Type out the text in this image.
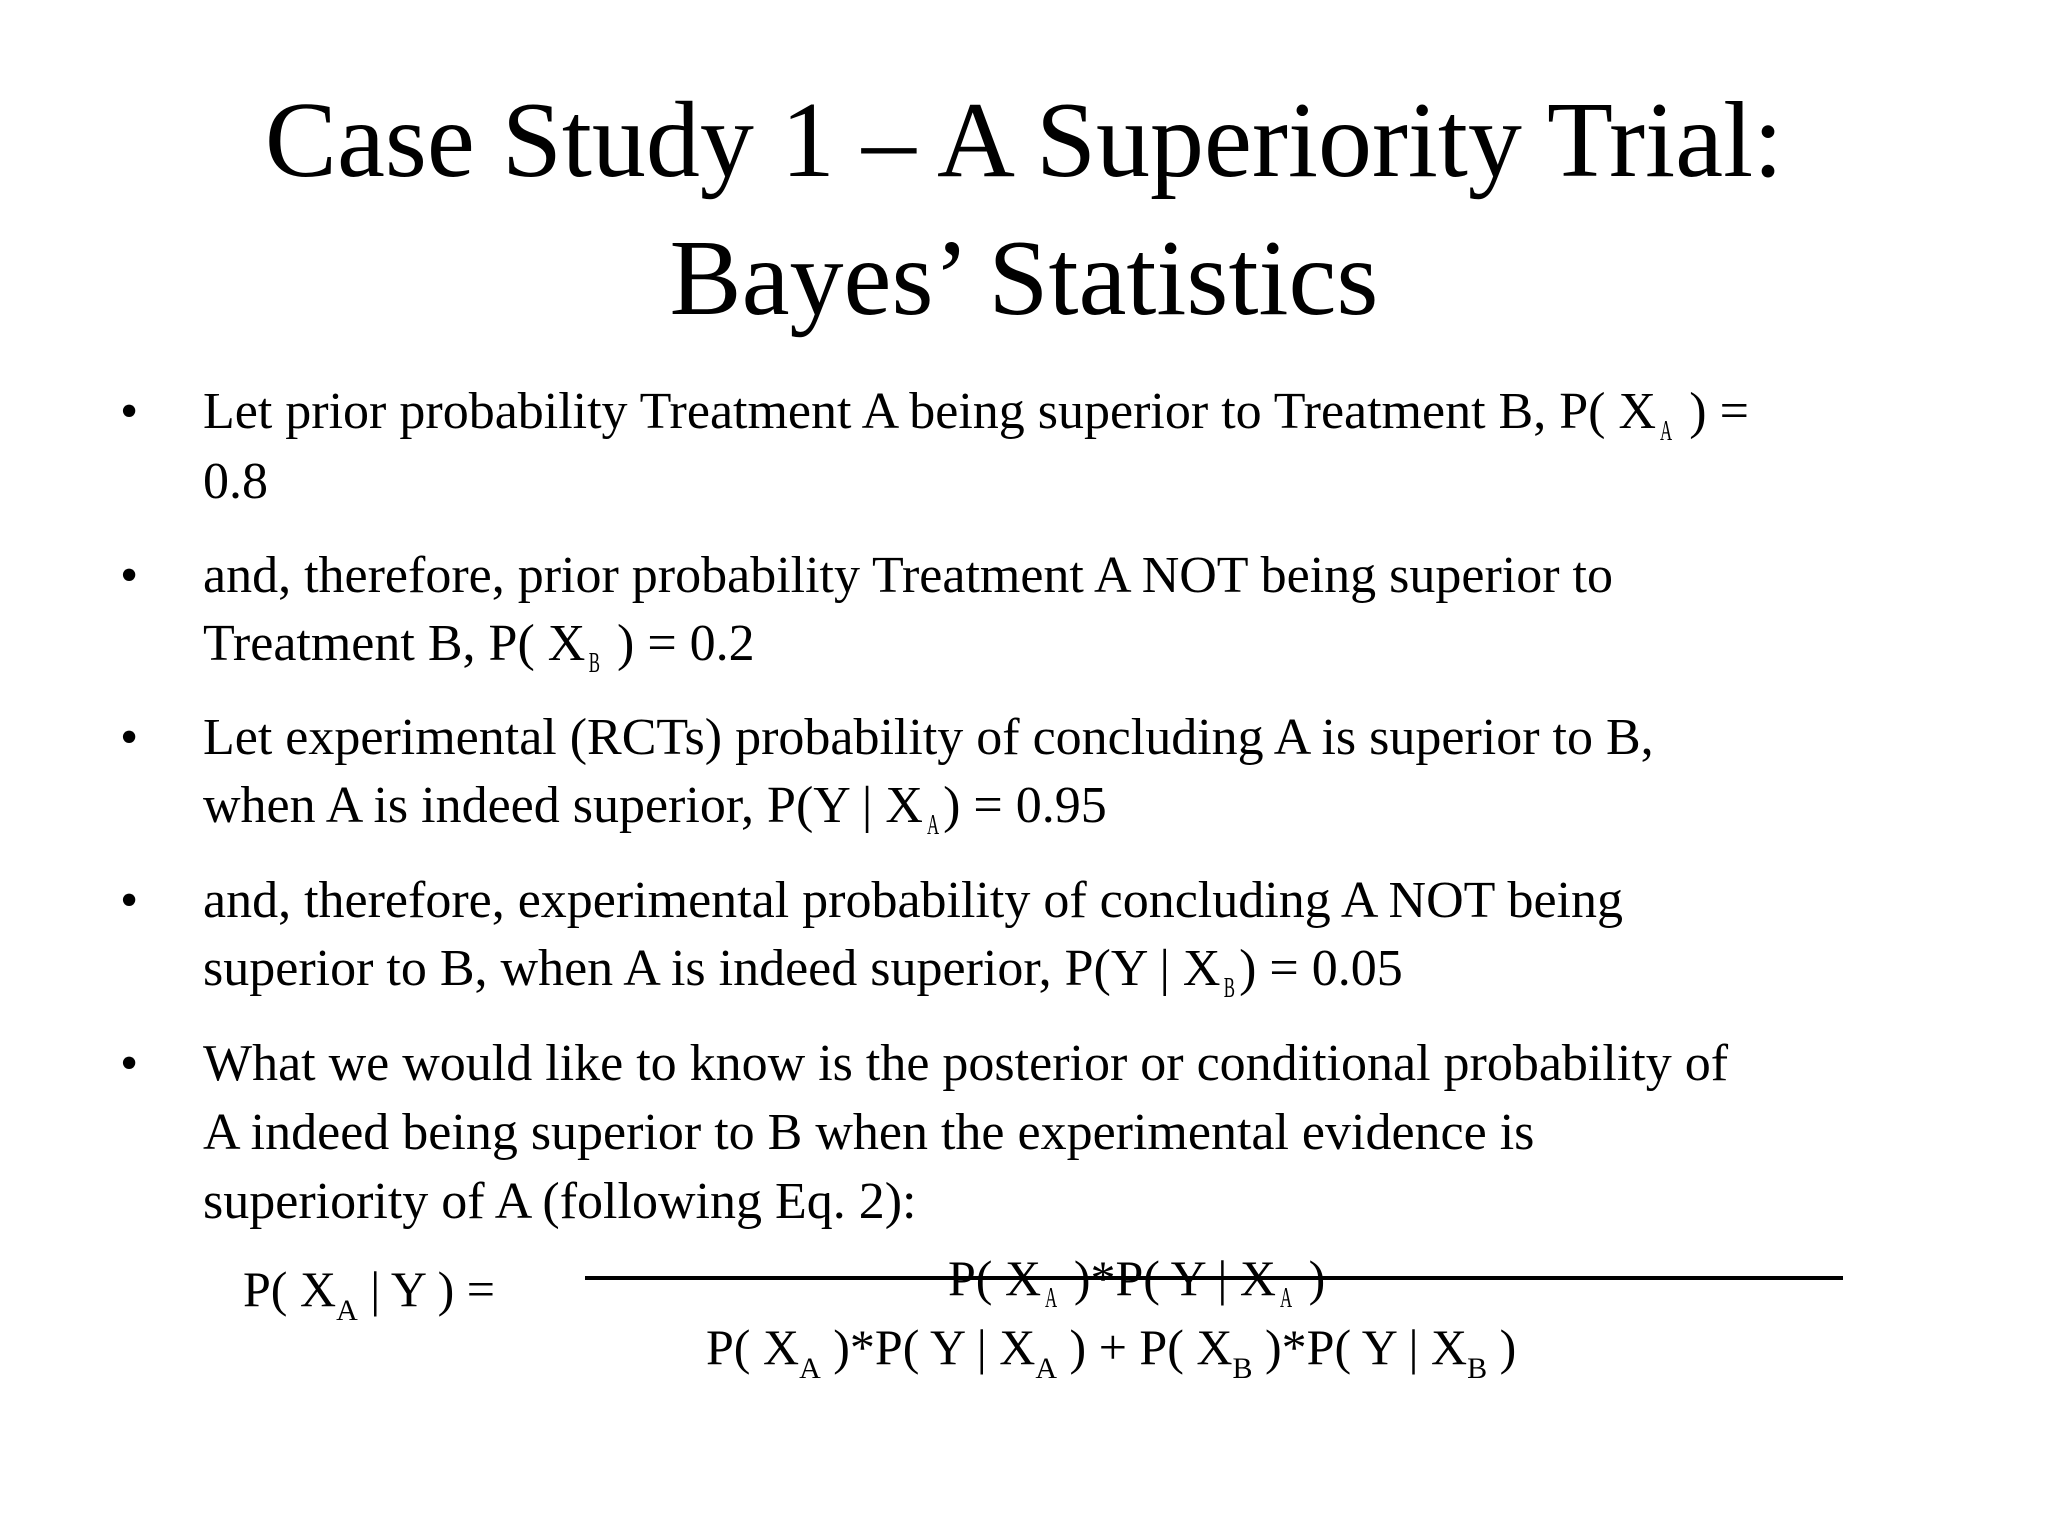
Case Study 1 – A Superiority Trial:
Bayes’ Statistics
• Let prior probability Treatment A being superior to Treatment B, P( X A ) =
0.8
• and, therefore, prior probability Treatment A NOT being superior to
Treatment B, P( X B ) = 0.2
• Let experimental (RCTs) probability of concluding A is superior to B,
when A is indeed superior, P(Y | X A) = 0.95
• and, therefore, experimental probability of concluding A NOT being
superior to B, when A is indeed superior, P(Y | X B) = 0.05
• What we would like to know is the posterior or conditional probability of
A indeed being superior to B when the experimental evidence is
superiority of A (following Eq. 2):
P( $X_A$ | Y ) =	P( X A )*P( Y | X A )
P( $X_A$ )*P( Y | $X_A$ ) + P( $X_B$ )*P( Y | $X_B$ )
